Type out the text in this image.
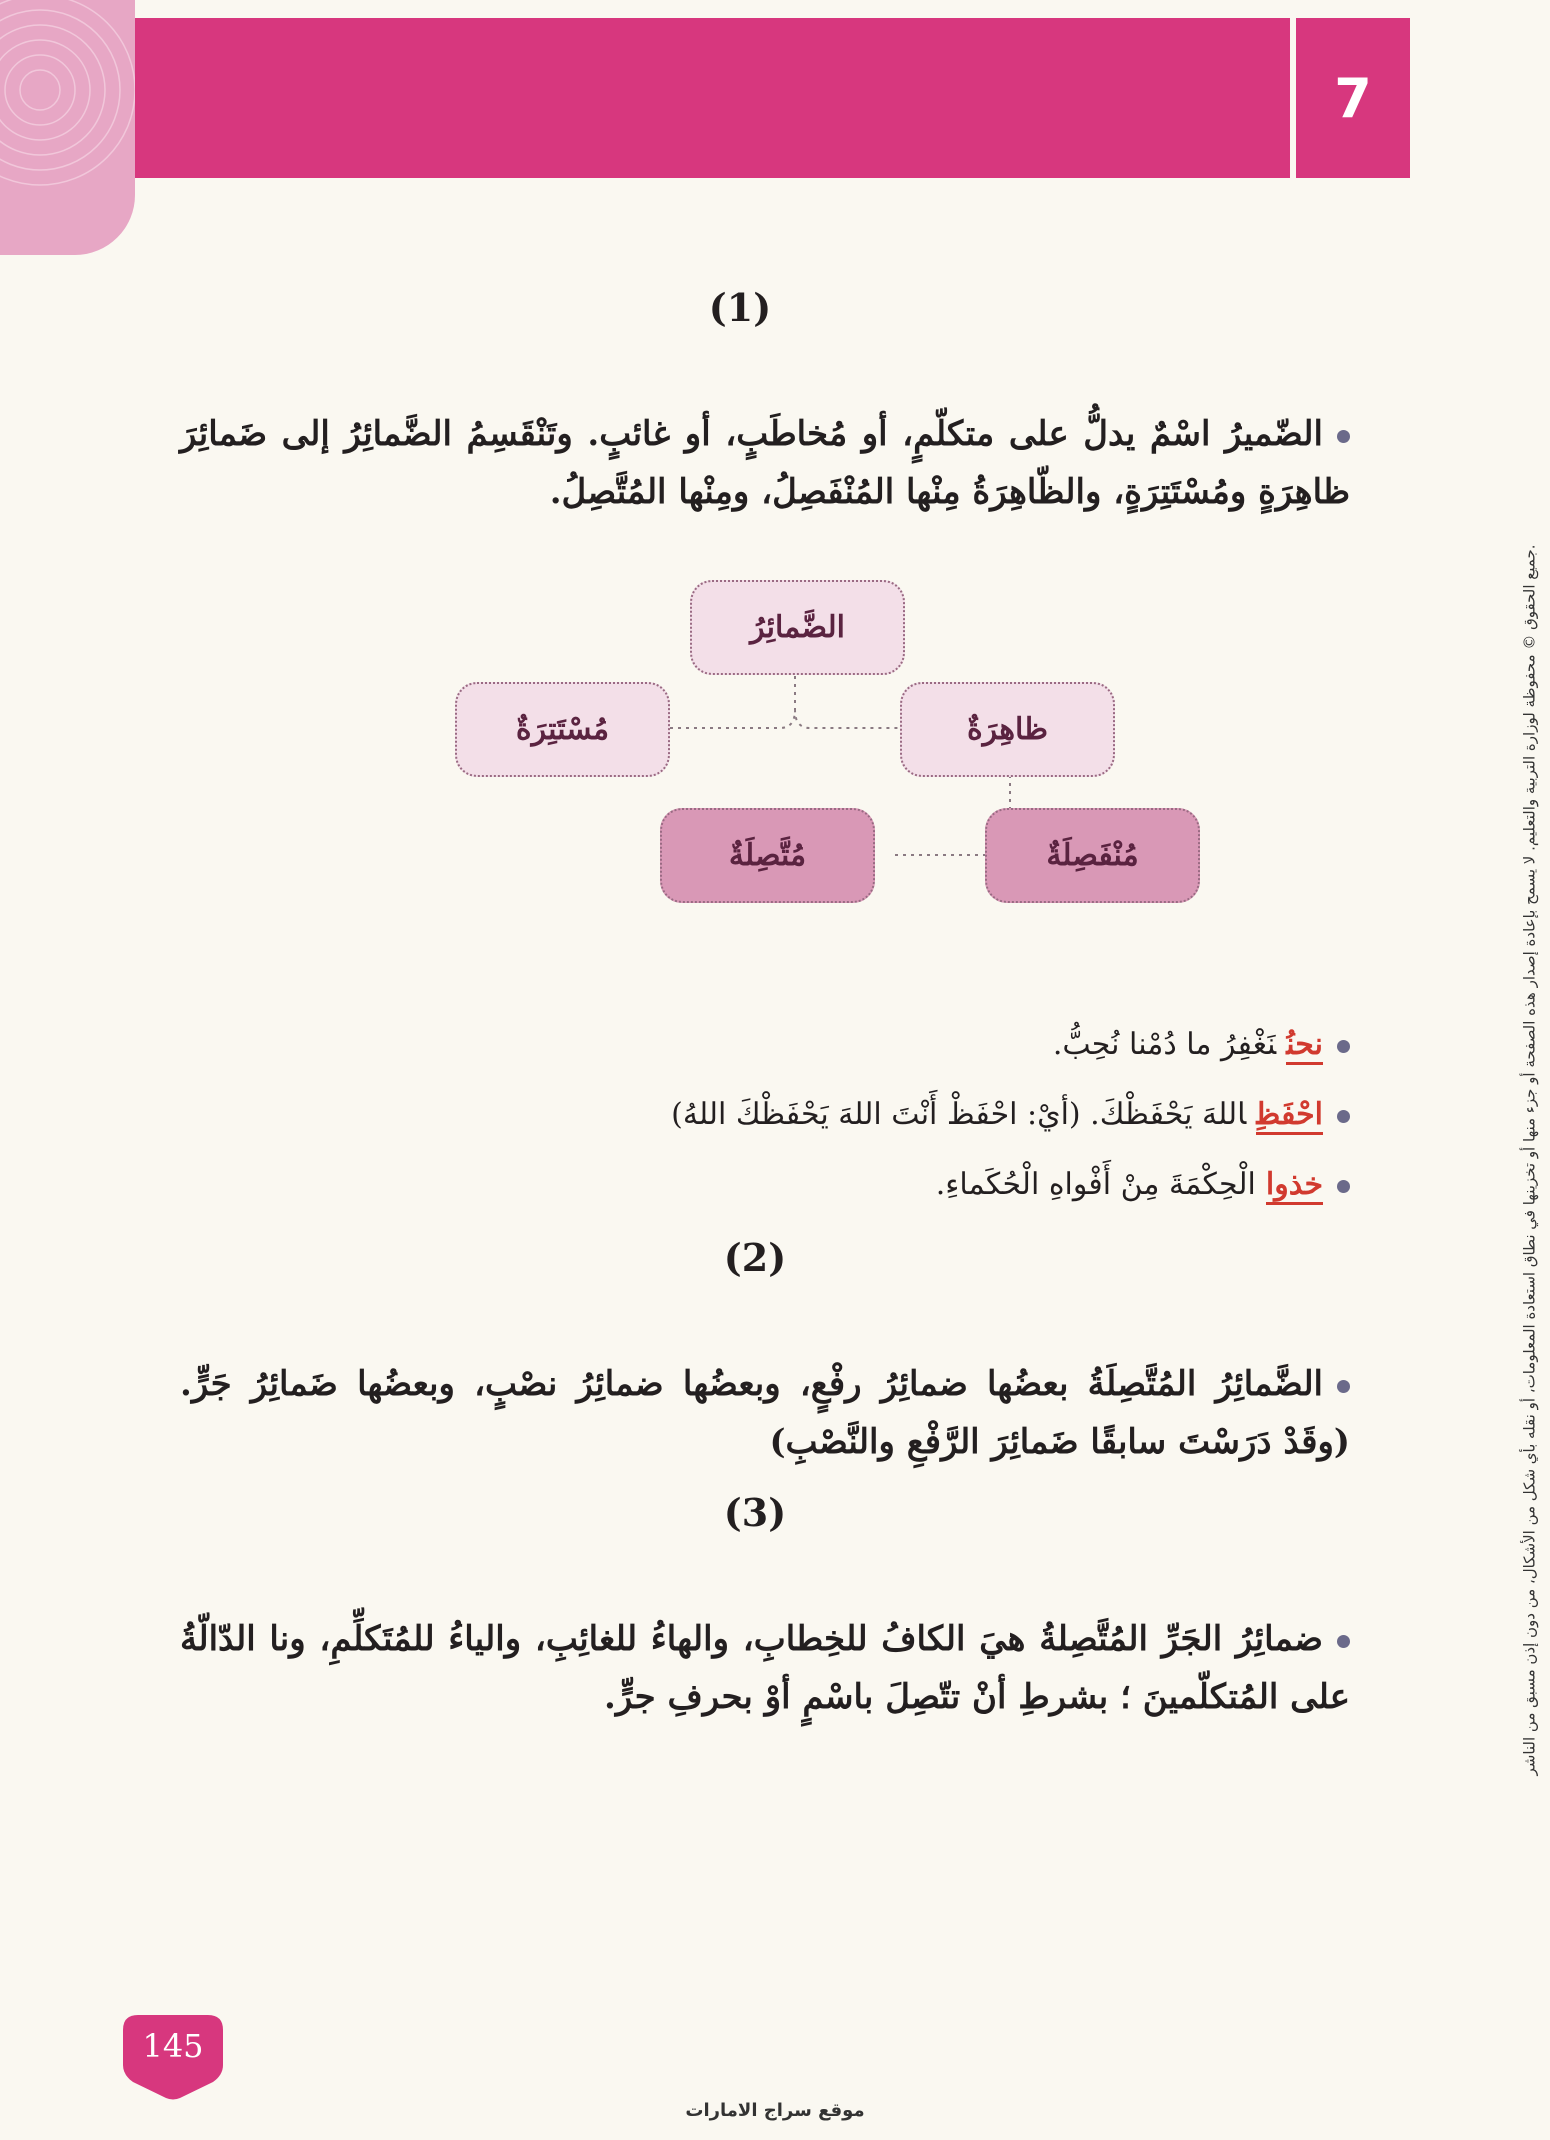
7
جميع الحقوق © محفوظة لوزارة التربية والتعليم. لا يسمح بإعادة إصدار هذه الصفحة أو جزء منها أو تخزينها في نطاق استعادة المعلومات، أو نقله بأي شكل من الأشكال، من دون إذن مسبق من الناشر.
(1)

الضّميرُ اسْمٌ يدلُّ على متكلّمٍ، أو مُخاطَبٍ، أو غائبٍ. وتَنْقَسِمُ الضَّمائِرُ إلى ضَمائِرَ ظاهِرَةٍ ومُسْتَتِرَةٍ، والظّاهِرَةُ مِنْها المُنْفَصِلُ، ومِنْها المُتَّصِلُ.

الضَّمائِرُ
ظاهِرَةٌ
مُسْتَتِرَةٌ
مُنْفَصِلَةٌ
مُتَّصِلَةٌ
نحنُنَغْفِرُ ما دُمْنا نُحِبُّ.
احْفَظِاللهَ يَحْفَظْكَ. (أيْ: احْفَظْ أَنْتَ اللهَ يَحْفَظْكَ اللهُ)
خذواالْحِكْمَةَ مِنْ أَفْواهِ الْحُكَماءِ.
(2)

الضَّمائِرُ المُتَّصِلَةُ بعضُها ضمائِرُ رفْعٍ، وبعضُها ضمائِرُ نصْبٍ، وبعضُها ضَمائِرُ جَرٍّ. (وقَدْ دَرَسْتَ سابقًا ضَمائِرَ الرَّفْعِ والنَّصْبِ)

(3)

ضمائِرُ الجَرِّ المُتَّصِلةُ هيَ الكافُ للخِطابِ، والهاءُ للغائِبِ، والياءُ للمُتَكلِّمِ، ونا الدّالّةُ على المُتكلّمينَ ؛ بشرطِ أنْ تتّصِلَ باسْمٍ أوْ بحرفِ جرٍّ.

145
موقع سراج الامارات
